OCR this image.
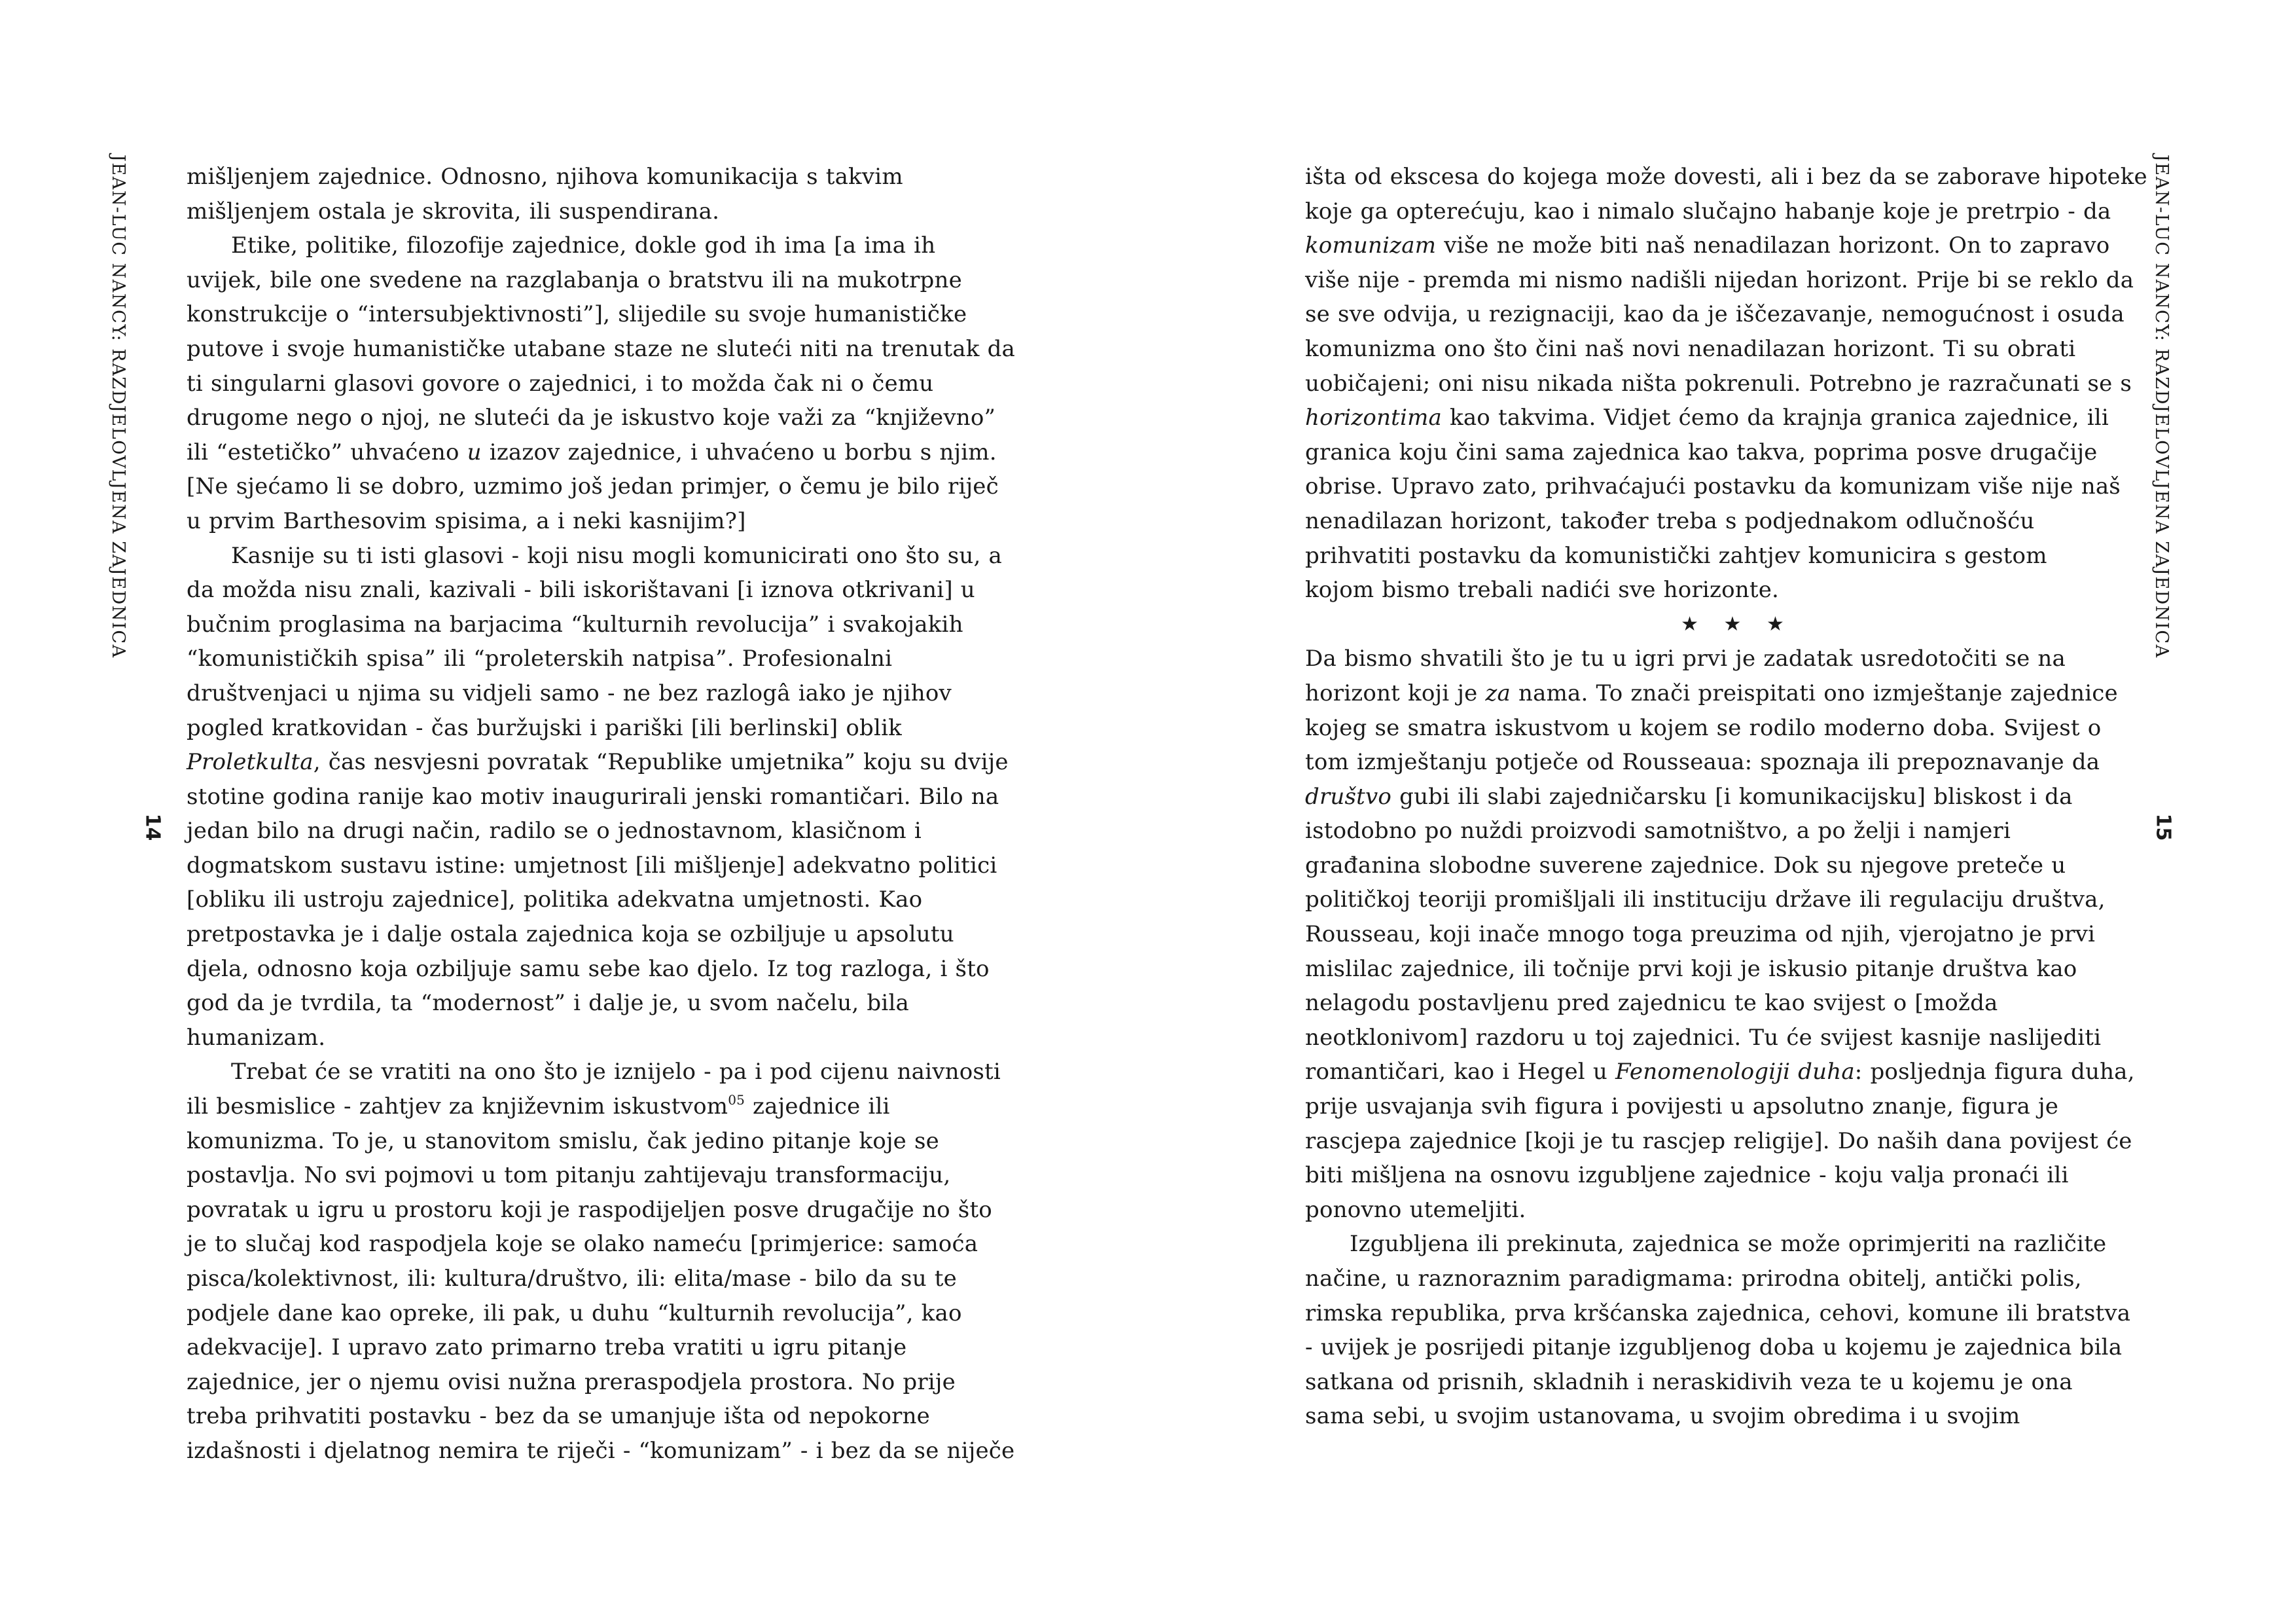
JEAN-LUC NANCY: RAZDJELOVLJENA ZAJEDNICA
14
mišljenjem zajednice. Odnosno, njihova komunikacija s takvim
mišljenjem ostala je skrovita, ili suspendirana.
Etike, politike, filozofije zajednice, dokle god ih ima [a ima ih
uvijek, bile one svedene na razglabanja o bratstvu ili na mukotrpne
konstrukcije o “intersubjektivnosti”], slijedile su svoje humanističke
putove i svoje humanističke utabane staze ne sluteći niti na trenutak da
ti singularni glasovi govore o zajednici, i to možda čak ni o čemu
drugome nego o njoj, ne sluteći da je iskustvo koje važi za “književno”
ili “estetičko” uhvaćeno u izazov zajednice, i uhvaćeno u borbu s njim.
[Ne sjećamo li se dobro, uzmimo još jedan primjer, o čemu je bilo riječ
u prvim Barthesovim spisima, a i neki kasnijim?]
Kasnije su ti isti glasovi - koji nisu mogli komunicirati ono što su, a
da možda nisu znali, kazivali - bili iskorištavani [i iznova otkrivani] u
bučnim proglasima na barjacima “kulturnih revolucija” i svakojakih
“komunističkih spisa” ili “proleterskih natpisa”. Profesionalni
društvenjaci u njima su vidjeli samo - ne bez razlogâ iako je njihov
pogled kratkovidan - čas buržujski i pariški [ili berlinski] oblik
Proletkulta, čas nesvjesni povratak “Republike umjetnika” koju su dvije
stotine godina ranije kao motiv inaugurirali jenski romantičari. Bilo na
jedan bilo na drugi način, radilo se o jednostavnom, klasičnom i
dogmatskom sustavu istine: umjetnost [ili mišljenje] adekvatno politici
[obliku ili ustroju zajednice], politika adekvatna umjetnosti. Kao
pretpostavka je i dalje ostala zajednica koja se ozbiljuje u apsolutu
djela, odnosno koja ozbiljuje samu sebe kao djelo. Iz tog razloga, i što
god da je tvrdila, ta “modernost” i dalje je, u svom načelu, bila
humanizam.
Trebat će se vratiti na ono što je iznijelo - pa i pod cijenu naivnosti
ili besmislice - zahtjev za književnim iskustvom$^{05}$ zajednice ili
komunizma. To je, u stanovitom smislu, čak jedino pitanje koje se
postavlja. No svi pojmovi u tom pitanju zahtijevaju transformaciju,
povratak u igru u prostoru koji je raspodijeljen posve drugačije no što
je to slučaj kod raspodjela koje se olako nameću [primjerice: samoća
pisca/kolektivnost, ili: kultura/društvo, ili: elita/mase - bilo da su te
podjele dane kao opreke, ili pak, u duhu “kulturnih revolucija”, kao
adekvacije]. I upravo zato primarno treba vratiti u igru pitanje
zajednice, jer o njemu ovisi nužna preraspodjela prostora. No prije
treba prihvatiti postavku - bez da se umanjuje išta od nepokorne
izdašnosti i djelatnog nemira te riječi - “komunizam” - i bez da se niječe
JEAN-LUC NANCY: RAZDJELOVLJENA ZAJEDNICA
15
išta od ekscesa do kojega može dovesti, ali i bez da se zaborave hipoteke
koje ga opterećuju, kao i nimalo slučajno habanje koje je pretrpio - da
komunizam više ne može biti naš nenadilazan horizont. On to zapravo
više nije - premda mi nismo nadišli nijedan horizont. Prije bi se reklo da
se sve odvija, u rezignaciji, kao da je iščezavanje, nemogućnost i osuda
komunizma ono što čini naš novi nenadilazan horizont. Ti su obrati
uobičajeni; oni nisu nikada ništa pokrenuli. Potrebno je razračunati se s
horizontima kao takvima. Vidjet ćemo da krajnja granica zajednice, ili
granica koju čini sama zajednica kao takva, poprima posve drugačije
obrise. Upravo zato, prihvaćajući postavku da komunizam više nije naš
nenadilazan horizont, također treba s podjednakom odlučnošću
prihvatiti postavku da komunistički zahtjev komunicira s gestom
kojom bismo trebali nadići sve horizonte.
★ ★ ★
Da bismo shvatili što je tu u igri prvi je zadatak usredotočiti se na
horizont koji je za nama. To znači preispitati ono izmještanje zajednice
kojeg se smatra iskustvom u kojem se rodilo moderno doba. Svijest o
tom izmještanju potječe od Rousseaua: spoznaja ili prepoznavanje da
društvo gubi ili slabi zajedničarsku [i komunikacijsku] bliskost i da
istodobno po nuždi proizvodi samotništvo, a po želji i namjeri
građanina slobodne suverene zajednice. Dok su njegove preteče u
političkoj teoriji promišljali ili instituciju države ili regulaciju društva,
Rousseau, koji inače mnogo toga preuzima od njih, vjerojatno je prvi
mislilac zajednice, ili točnije prvi koji je iskusio pitanje društva kao
nelagodu postavljenu pred zajednicu te kao svijest o [možda
neotklonivom] razdoru u toj zajednici. Tu će svijest kasnije naslijediti
romantičari, kao i Hegel u Fenomenologiji duha: posljednja figura duha,
prije usvajanja svih figura i povijesti u apsolutno znanje, figura je
rascjepa zajednice [koji je tu rascjep religije]. Do naših dana povijest će
biti mišljena na osnovu izgubljene zajednice - koju valja pronaći ili
ponovno utemeljiti.
Izgubljena ili prekinuta, zajednica se može oprimjeriti na različite
načine, u raznoraznim paradigmama: prirodna obitelj, antički polis,
rimska republika, prva kršćanska zajednica, cehovi, komune ili bratstva
- uvijek je posrijedi pitanje izgubljenog doba u kojemu je zajednica bila
satkana od prisnih, skladnih i neraskidivih veza te u kojemu je ona
sama sebi, u svojim ustanovama, u svojim obredima i u svojim
